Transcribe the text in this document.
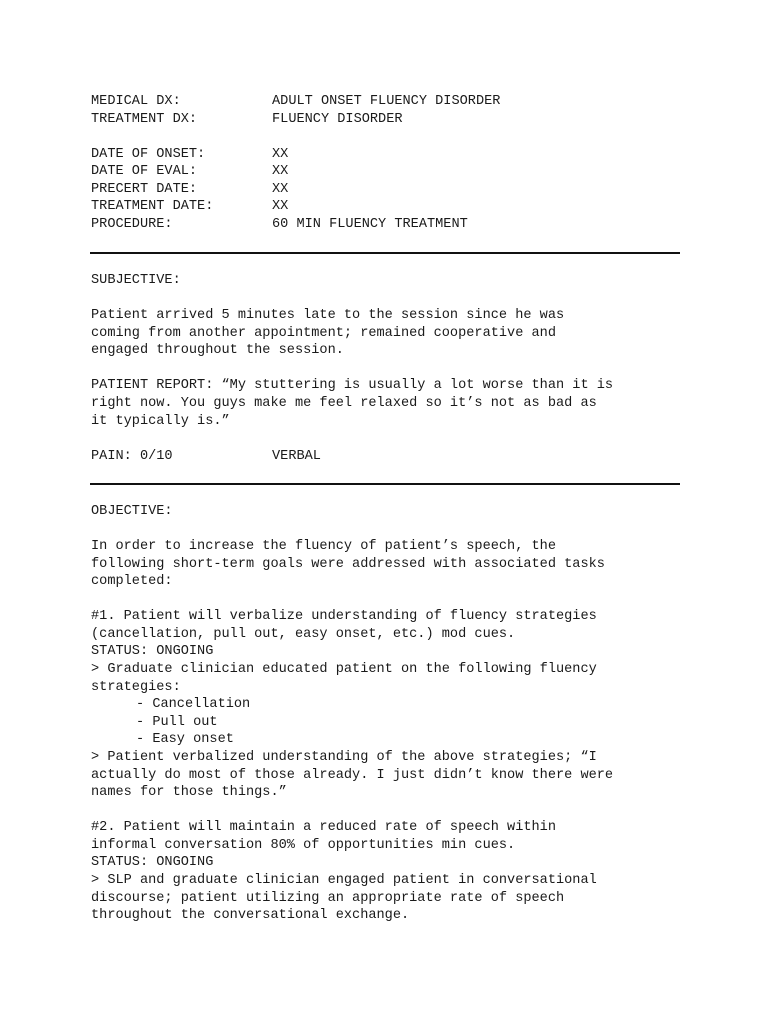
MEDICAL DX:	ADULT ONSET FLUENCY DISORDER
TREATMENT DX:	FLUENCY DISORDER
DATE OF ONSET:	XX
DATE OF EVAL:	XX
PRECERT DATE:	XX
TREATMENT DATE:	XX
PROCEDURE:	60 MIN FLUENCY TREATMENT
SUBJECTIVE:
Patient arrived 5 minutes late to the session since he was
coming from another appointment; remained cooperative and
engaged throughout the session.
PATIENT REPORT: “My stuttering is usually a lot worse than it is
right now. You guys make me feel relaxed so it’s not as bad as
it typically is.”
PAIN: 0/10	VERBAL
OBJECTIVE:
In order to increase the fluency of patient’s speech, the
following short-term goals were addressed with associated tasks
completed:
#1. Patient will verbalize understanding of fluency strategies
(cancellation, pull out, easy onset, etc.) mod cues.
STATUS: ONGOING
> Graduate clinician educated patient on the following fluency
strategies:
- Cancellation
- Pull out
- Easy onset
> Patient verbalized understanding of the above strategies; “I
actually do most of those already. I just didn’t know there were
names for those things.”
#2. Patient will maintain a reduced rate of speech within
informal conversation 80% of opportunities min cues.
STATUS: ONGOING
> SLP and graduate clinician engaged patient in conversational
discourse; patient utilizing an appropriate rate of speech
throughout the conversational exchange.
